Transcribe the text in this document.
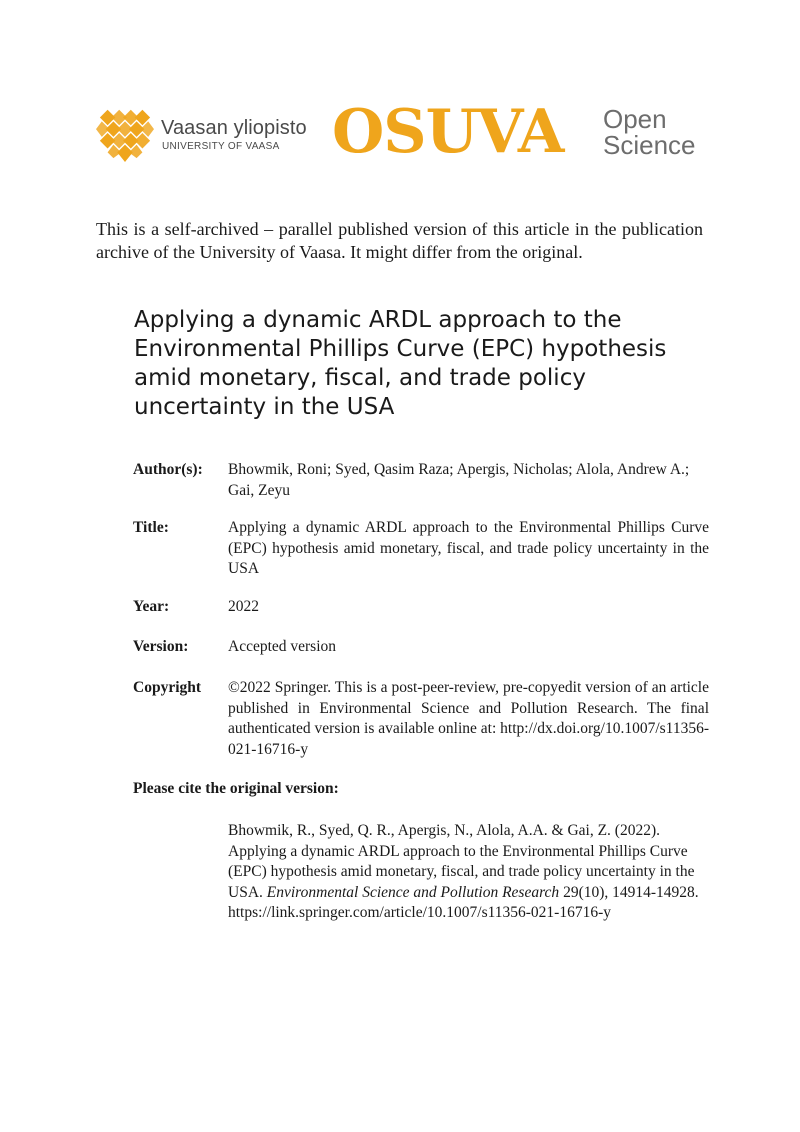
Vaasan yliopisto
UNIVERSITY OF VAASA OSUVA Open
Science
This is a self-archived – parallel published version of this article in the publication archive of the University of Vaasa. It might differ from the original.
Applying a dynamic ARDL approach to the Environmental Phillips Curve (EPC) hypothesis amid monetary, fiscal, and trade policy uncertainty in the USA
Author(s):	Bhowmik, Roni; Syed, Qasim Raza; Apergis, Nicholas; Alola, Andrew A.; Gai, Zeyu
Title:	Applying a dynamic ARDL approach to the Environmental Phillips Curve (EPC) hypothesis amid monetary, fiscal, and trade policy uncertainty in the USA
Year:	2022
Version:	Accepted version
Copyright	©2022 Springer. This is a post-peer-review, pre-copyedit version of an article published in Environmental Science and Pollution Research. The final authenticated version is available online at: http://dx.doi.org/10.1007/s11356-021-16716-y
Please cite the original version:
Bhowmik, R., Syed, Q. R., Apergis, N., Alola, A.A. & Gai, Z. (2022). Applying a dynamic ARDL approach to the Environmental Phillips Curve (EPC) hypothesis amid monetary, fiscal, and trade policy uncertainty in the USA. Environmental Science and Pollution Research 29(10), 14914-14928. https://link.springer.com/article/10.1007/s11356-021-16716-y
